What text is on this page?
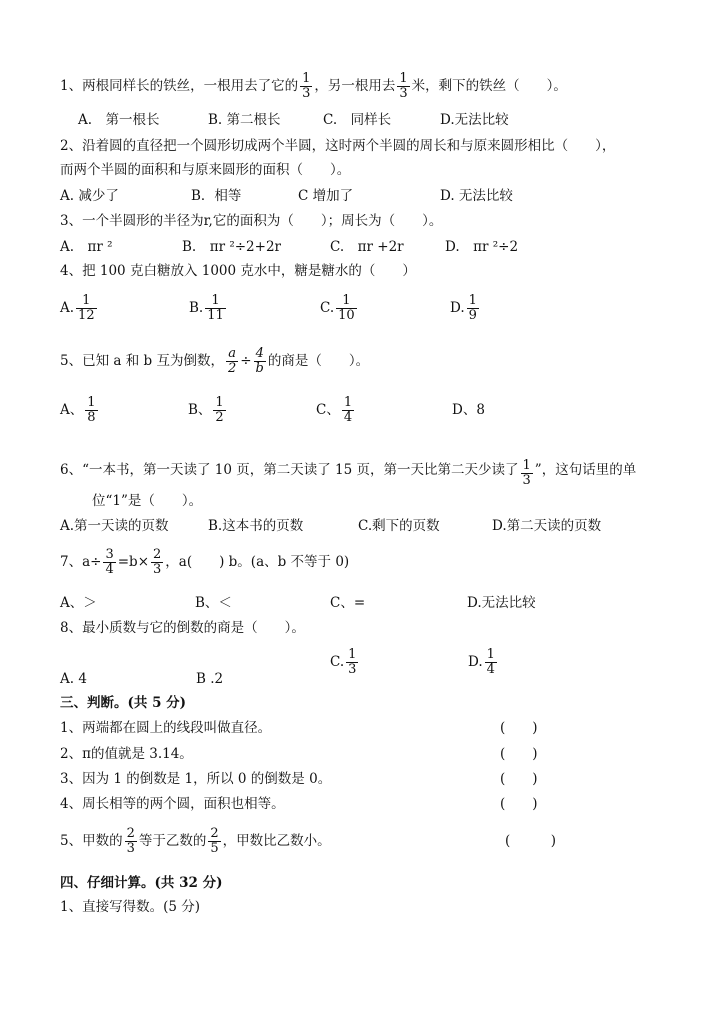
1、两根同样长的铁丝，一根用去了它的 $\frac{1}{3}$ ，另一根用去 $\frac{1}{3}$ 米，剩下的铁丝（　　）。
A.　第一根长	B. 第二根长	C.　同样长	D.无法比较
2、沿着圆的直径把一个圆形切成两个半圆，这时两个半圆的周长和与原来圆形相比（　　），
而两个半圆的面积和与原来圆形的面积（　　）。
A. 减少了	B．相等	C 增加了	D. 无法比较
3、一个半圆形的半径为r,它的面积为（　　）；周长为（　　）。
A.　πr ²	B.　πr ²÷2+2r	C.　πr +2r	D.　πr ²÷2
4、把 100 克白糖放入 1000 克水中，糖是糖水的（　　）
A. $\frac{1}{12}$	B. $\frac{1}{11}$	C. $\frac{1}{10}$	D. $\frac{1}{9}$
5、已知 a 和 b 互为倒数， $\frac{a}{2} \div \frac{4}{b}$ 的商是（　　）。
A、 $\frac{1}{8}$	B、 $\frac{1}{2}$	C、 $\frac{1}{4}$	D、8
6、“一本书，第一天读了 10 页，第二天读了 15 页，第一天比第二天少读了 $\frac{1}{3}$ ”，这句话里的单
位“1”是（　　）。
A.第一天读的页数	B.这本书的页数	C.剩下的页数	D.第二天读的页数
7、$a\div \frac{3}{4} =b\times \frac{2}{3}$ ，a(　　) b。(a、b 不等于 0)
A、＞	B、＜	C、=	D.无法比较
8、最小质数与它的倒数的商是（　　）。
A. 4	B .2
C. $\frac{1}{3}$	D. $\frac{1}{4}$
三、判断。(共 5 分)
1、两端都在圆上的线段叫做直径。	(　　)
2、π的值就是 3.14。	(　　)
3、因为 1 的倒数是 1，所以 0 的倒数是 0。	(　　)
4、周长相等的两个圆，面积也相等。	(　　)
5、甲数的 $\frac{2}{3}$ 等于乙数的 $\frac{2}{5}$ ，甲数比乙数小。	(　　　)
四、仔细计算。(共 32 分)
1、直接写得数。(5 分)
